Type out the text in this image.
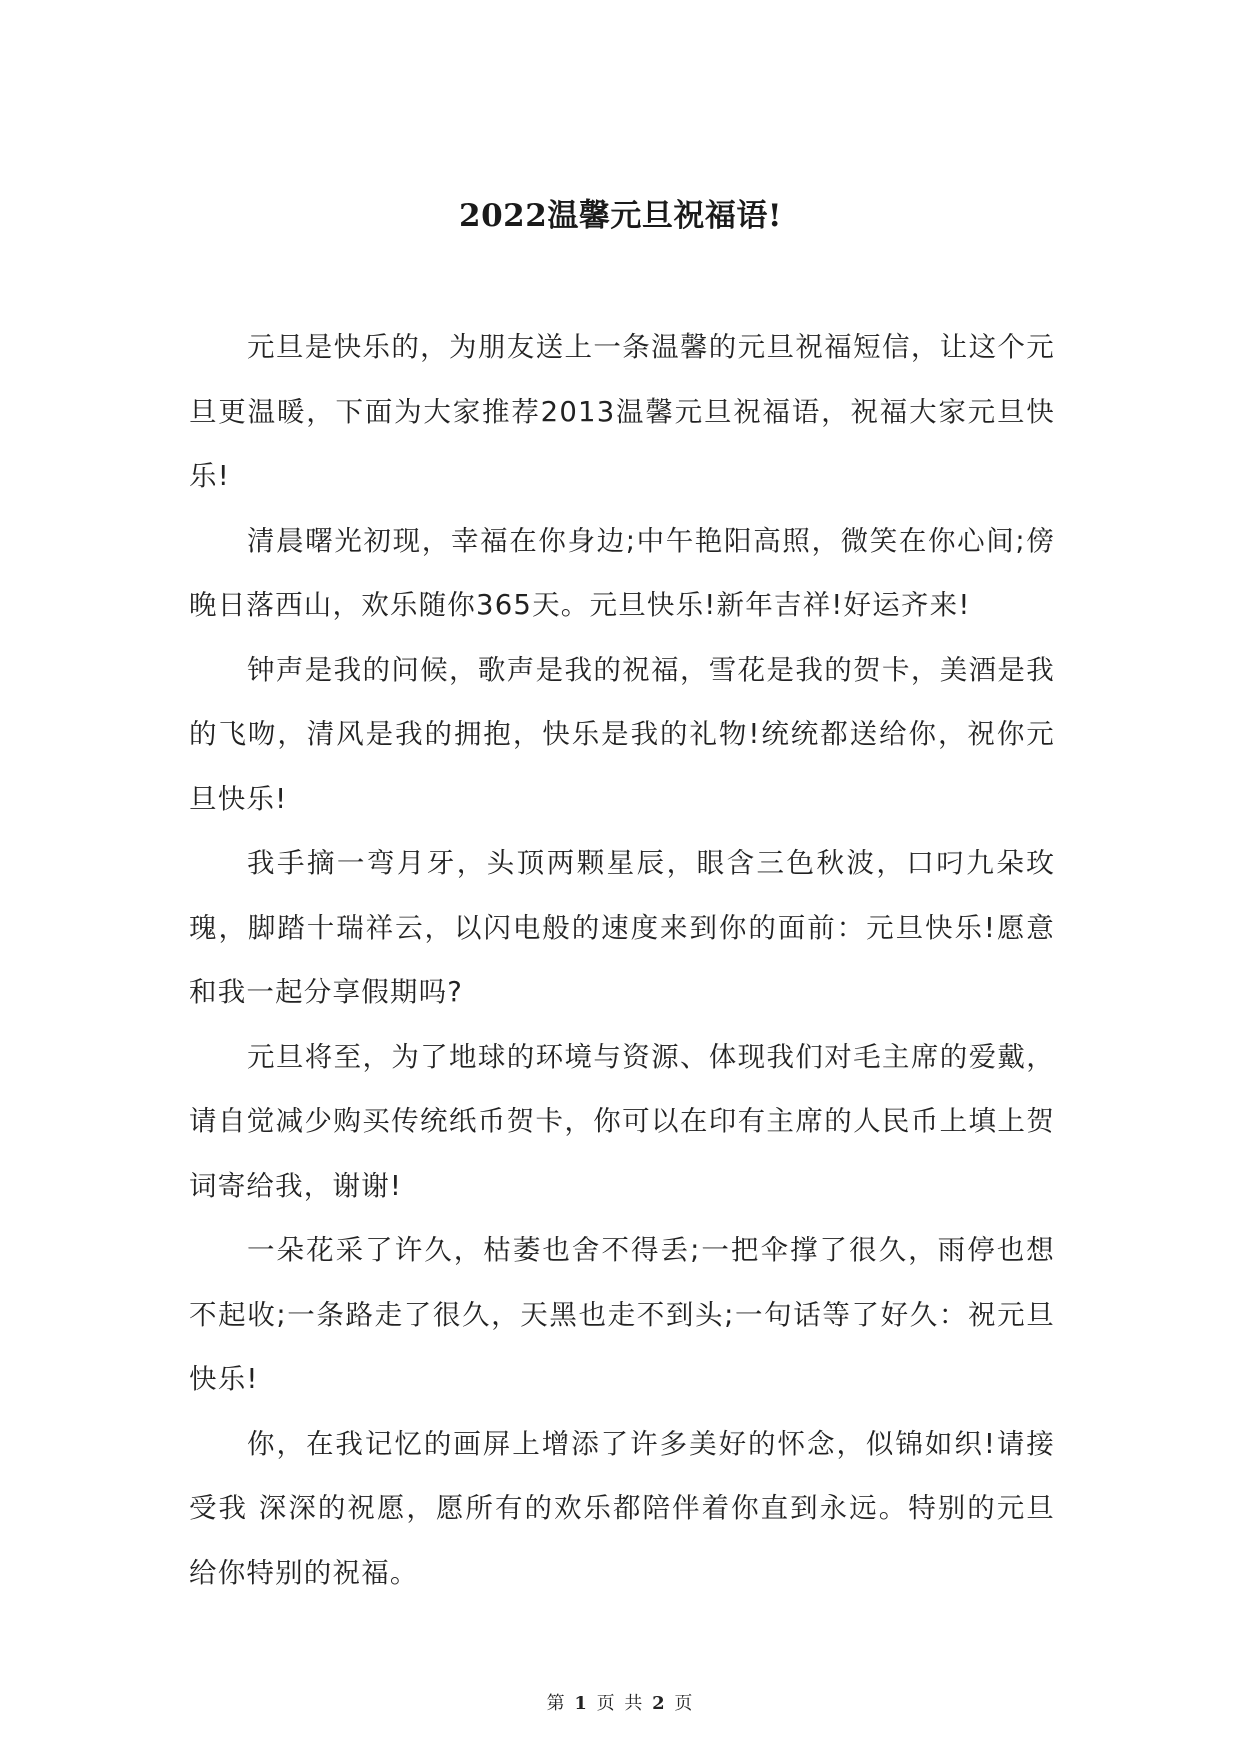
2022温馨元旦祝福语!

元旦是快乐的，为朋友送上一条温馨的元旦祝福短信，让这个元旦更温暖，下面为大家推荐2013温馨元旦祝福语，祝福大家元旦快乐!

清晨曙光初现，幸福在你身边;中午艳阳高照，微笑在你心间;傍晚日落西山，欢乐随你365天。元旦快乐!新年吉祥!好运齐来!

钟声是我的问候，歌声是我的祝福，雪花是我的贺卡，美酒是我的飞吻，清风是我的拥抱，快乐是我的礼物!统统都送给你，祝你元旦快乐!

我手摘一弯月牙，头顶两颗星辰，眼含三色秋波，口叼九朵玫瑰，脚踏十瑞祥云，以闪电般的速度来到你的面前：元旦快乐!愿意和我一起分享假期吗?

元旦将至，为了地球的环境与资源、体现我们对毛主席的爱戴，请自觉减少购买传统纸币贺卡，你可以在印有主席的人民币上填上贺词寄给我，谢谢!

一朵花采了许久，枯萎也舍不得丢;一把伞撑了很久，雨停也想不起收;一条路走了很久，天黑也走不到头;一句话等了好久：祝元旦快乐!

你，在我记忆的画屏上增添了许多美好的怀念，似锦如织!请接受我 深深的祝愿，愿所有的欢乐都陪伴着你直到永远。特别的元旦给你特别的祝福。

第 1 页 共 2 页
